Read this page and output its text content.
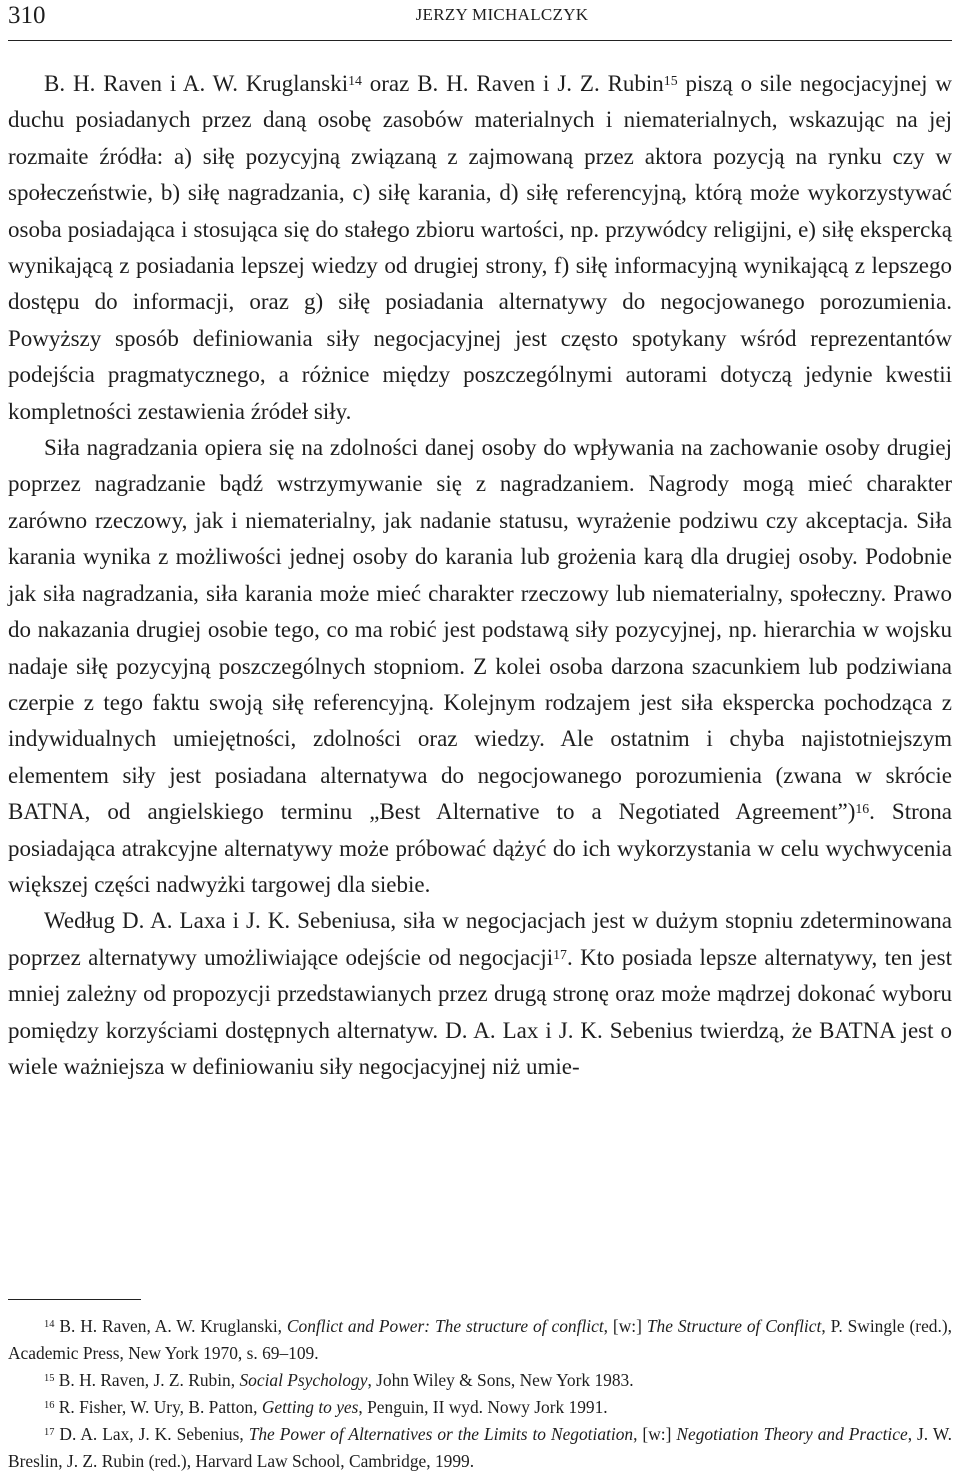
310	JERZY MICHALCZYK

B. H. Raven i A. W. Kruglanski$^{14}$ oraz B. H. Raven i J. Z. Rubin$^{15}$ piszą o sile negocjacyjnej w duchu posiadanych przez daną osobę zasobów materialnych i niematerialnych, wskazując na jej rozmaite źródła: a) siłę pozycyjną związaną z zajmowaną przez aktora pozycją na rynku czy w społeczeństwie, b) siłę nagradzania, c) siłę karania, d) siłę referencyjną, którą może wykorzystywać osoba posiadająca i stosująca się do stałego zbioru wartości, np. przywódcy religijni, e) siłę ekspercką wynikającą z posiadania lepszej wiedzy od drugiej strony, f) siłę informacyjną wynikającą z lepszego dostępu do informacji, oraz g) siłę posiadania alternatywy do negocjowanego porozumienia. Powyższy sposób definiowania siły negocjacyjnej jest często spotykany wśród reprezentantów podejścia pragmatycznego, a różnice między poszczególnymi autorami dotyczą jedynie kwestii kompletności zestawienia źródeł siły.

Siła nagradzania opiera się na zdolności danej osoby do wpływania na zachowanie osoby drugiej poprzez nagradzanie bądź wstrzymywanie się z nagradzaniem. Nagrody mogą mieć charakter zarówno rzeczowy, jak i niematerialny, jak nadanie statusu, wyrażenie podziwu czy akceptacja. Siła karania wynika z możliwości jednej osoby do karania lub grożenia karą dla drugiej osoby. Podobnie jak siła nagradzania, siła karania może mieć charakter rzeczowy lub niematerialny, społeczny. Prawo do nakazania drugiej osobie tego, co ma robić jest podstawą siły pozycyjnej, np. hierarchia w wojsku nadaje siłę pozycyjną poszczególnych stopniom. Z kolei osoba darzona szacunkiem lub podziwiana czerpie z tego faktu swoją siłę referencyjną. Kolejnym rodzajem jest siła ekspercka pochodząca z indywidualnych umiejętności, zdolności oraz wiedzy. Ale ostatnim i chyba najistotniejszym elementem siły jest posiadana alternatywa do negocjowanego porozumienia (zwana w skrócie BATNA, od angielskiego terminu „Best Alternative to a Negotiated Agreement”)$^{16}$. Strona posiadająca atrakcyjne alternatywy może próbować dążyć do ich wykorzystania w celu wychwycenia większej części nadwyżki targowej dla siebie.

Według D. A. Laxa i J. K. Sebeniusa, siła w negocjacjach jest w dużym stopniu zdeterminowana poprzez alternatywy umożliwiające odejście od negocjacji$^{17}$. Kto posiada lepsze alternatywy, ten jest mniej zależny od propozycji przedstawianych przez drugą stronę oraz może mądrzej dokonać wyboru pomiędzy korzyściami dostępnych alternatyw. D. A. Lax i J. K. Sebenius twierdzą, że BATNA jest o wiele ważniejsza w definiowaniu siły negocjacyjnej niż umie-

$^{14}$ B. H. Raven, A. W. Kruglanski, Conflict and Power: The structure of conflict, [w:] The Structure of Conflict, P. Swingle (red.), Academic Press, New York 1970, s. 69–109.

$^{15}$ B. H. Raven, J. Z. Rubin, Social Psychology, John Wiley & Sons, New York 1983.

$^{16}$ R. Fisher, W. Ury, B. Patton, Getting to yes, Penguin, II wyd. Nowy Jork 1991.

$^{17}$ D. A. Lax, J. K. Sebenius, The Power of Alternatives or the Limits to Negotiation, [w:] Negotiation Theory and Practice, J. W. Breslin, J. Z. Rubin (red.), Harvard Law School, Cambridge, 1999.
